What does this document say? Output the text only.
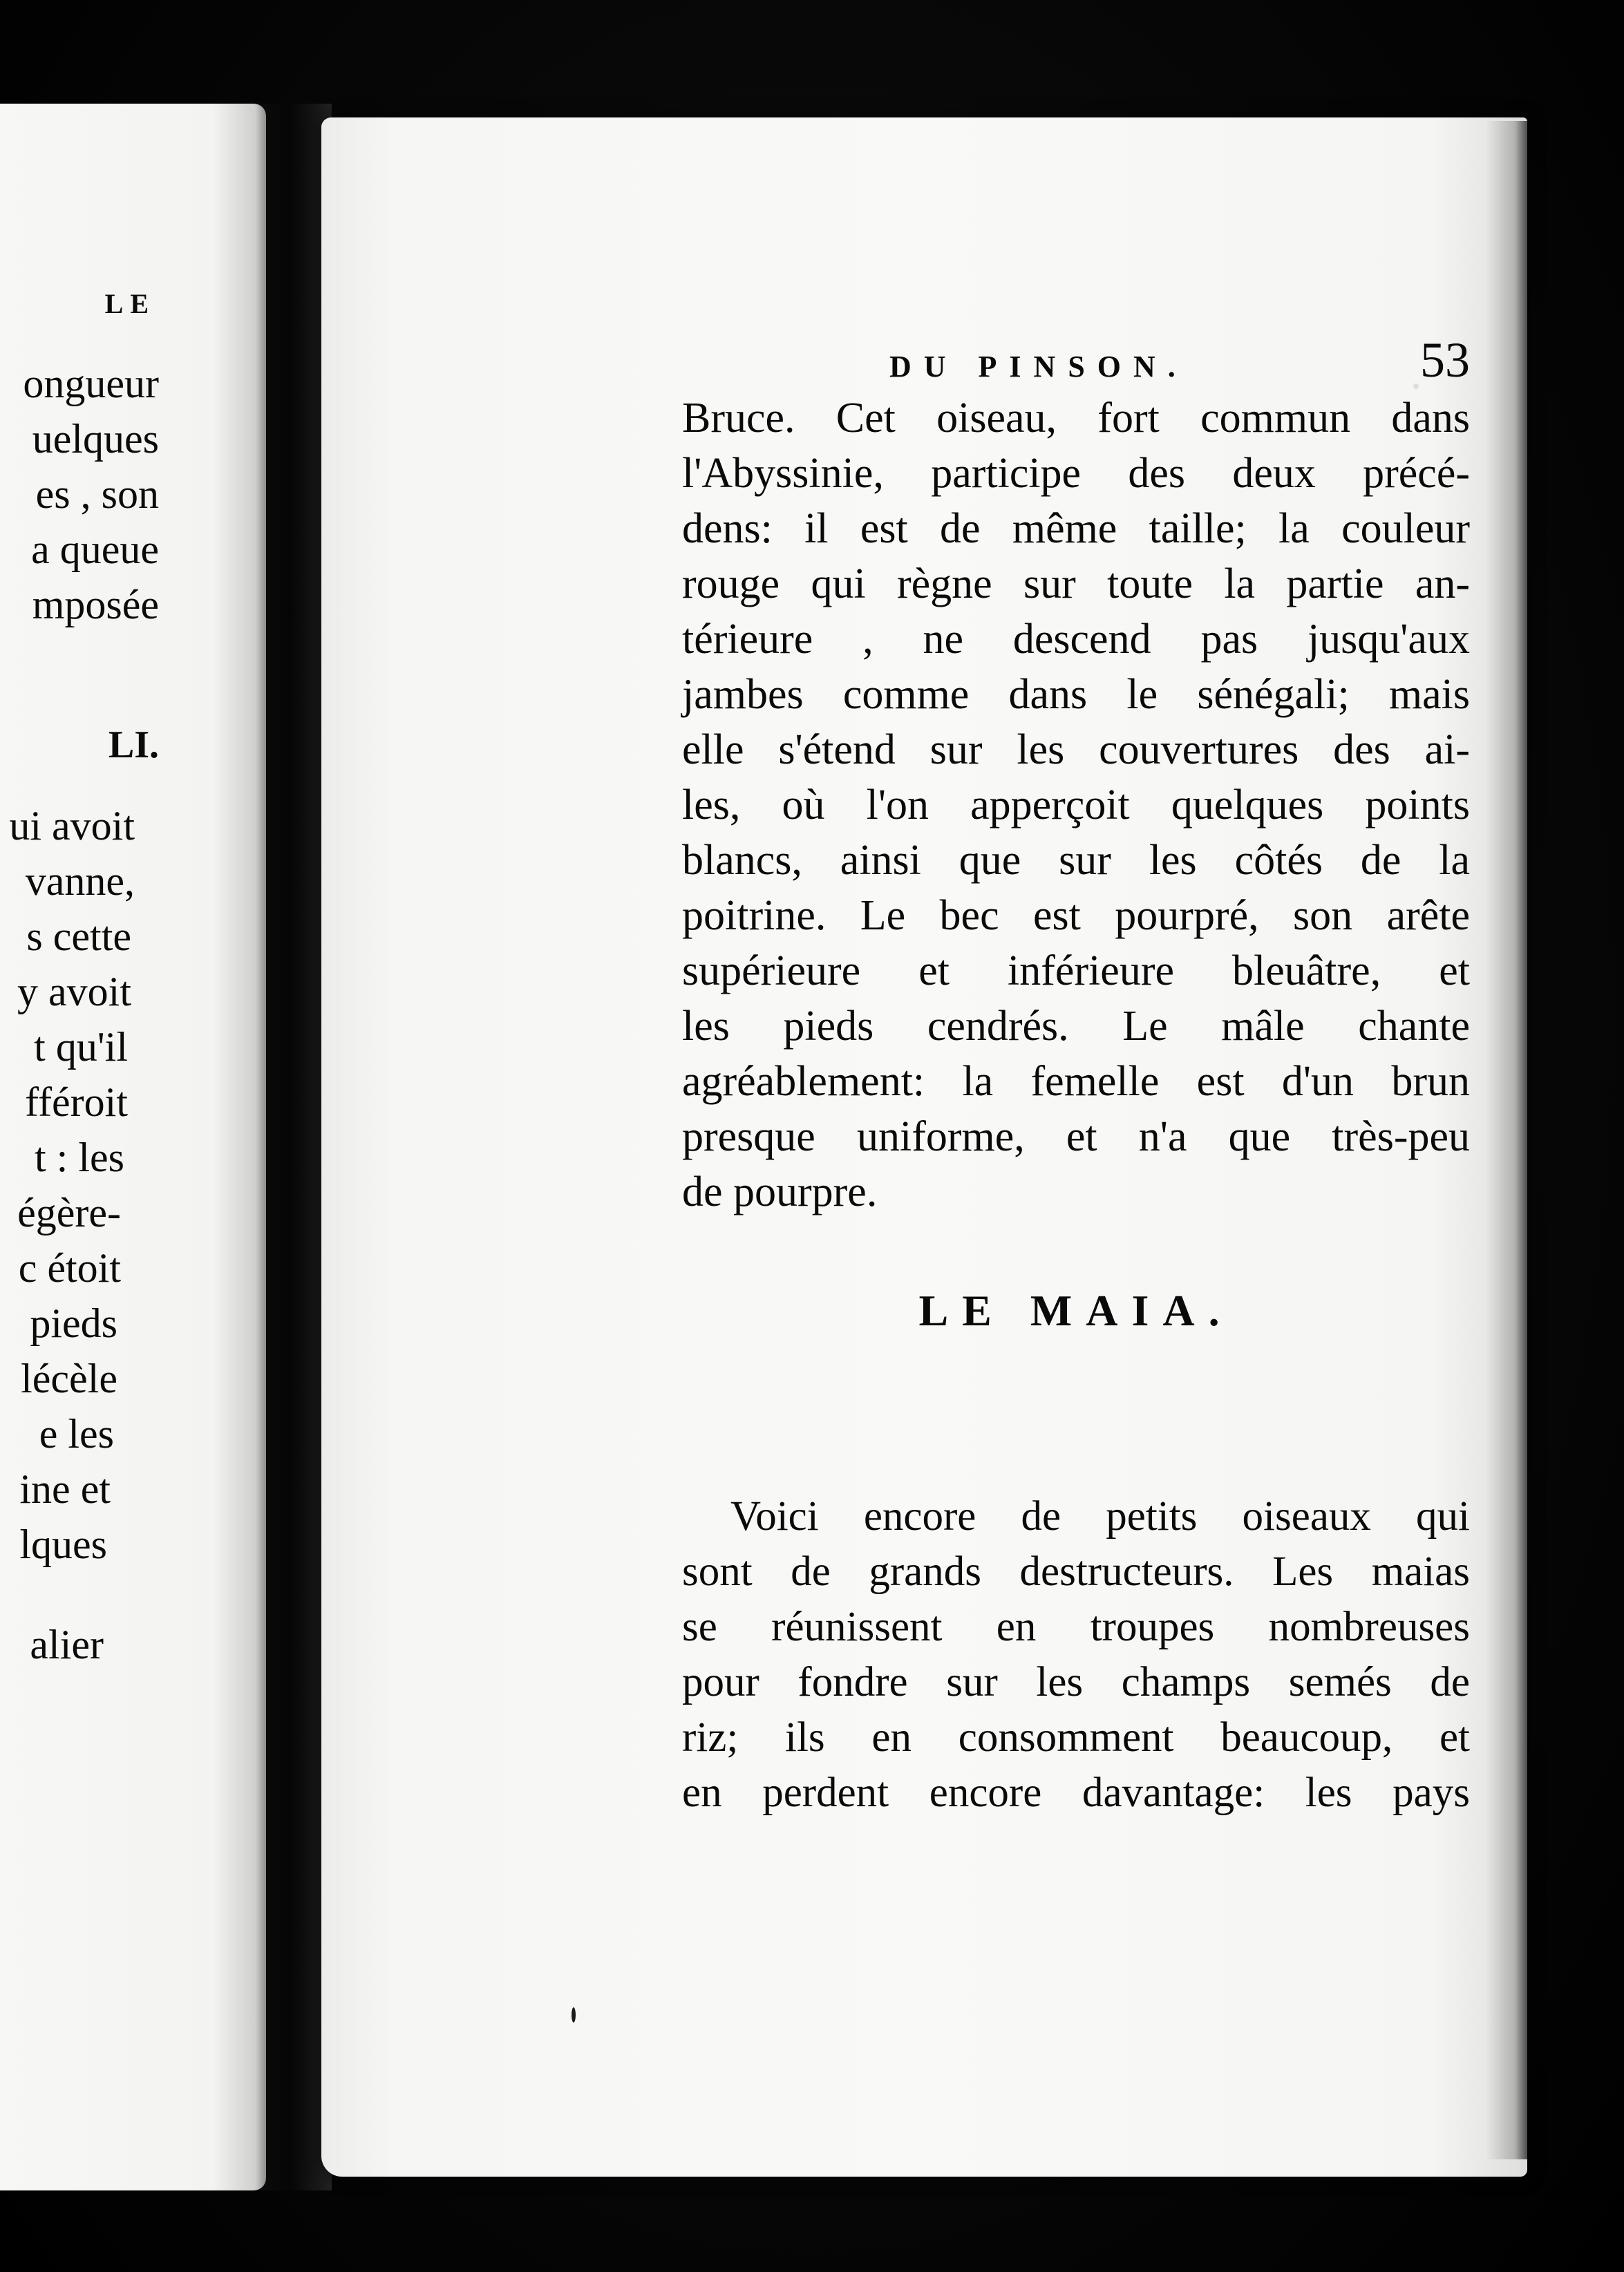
LE
ongueur
uelques
es , son
a queue
mposée
LI.
ui avoit
vanne,
s cette
y avoit
t qu'il
fféroit
t : les
égère-
c étoit
pieds
lécèle
e les
ine et
lques
alier
DU PINSON.	53
Bruce. Cet oiseau, fort commun dans
l'Abyssinie, participe des deux précé-
dens: il est de même taille; la couleur
rouge qui règne sur toute la partie an-
térieure , ne descend pas jusqu'aux
jambes comme dans le sénégali; mais
elle s'étend sur les couvertures des ai-
les, où l'on apperçoit quelques points
blancs, ainsi que sur les côtés de la
poitrine. Le bec est pourpré, son arête
supérieure et inférieure bleuâtre, et
les pieds cendrés. Le mâle chante
agréablement: la femelle est d'un brun
presque uniforme, et n'a que très-peu
de pourpre.
LE MAIA.
Voici encore de petits oiseaux qui
sont de grands destructeurs. Les maias
se réunissent en troupes nombreuses
pour fondre sur les champs semés de
riz; ils en consomment beaucoup, et
en perdent encore davantage: les pays
